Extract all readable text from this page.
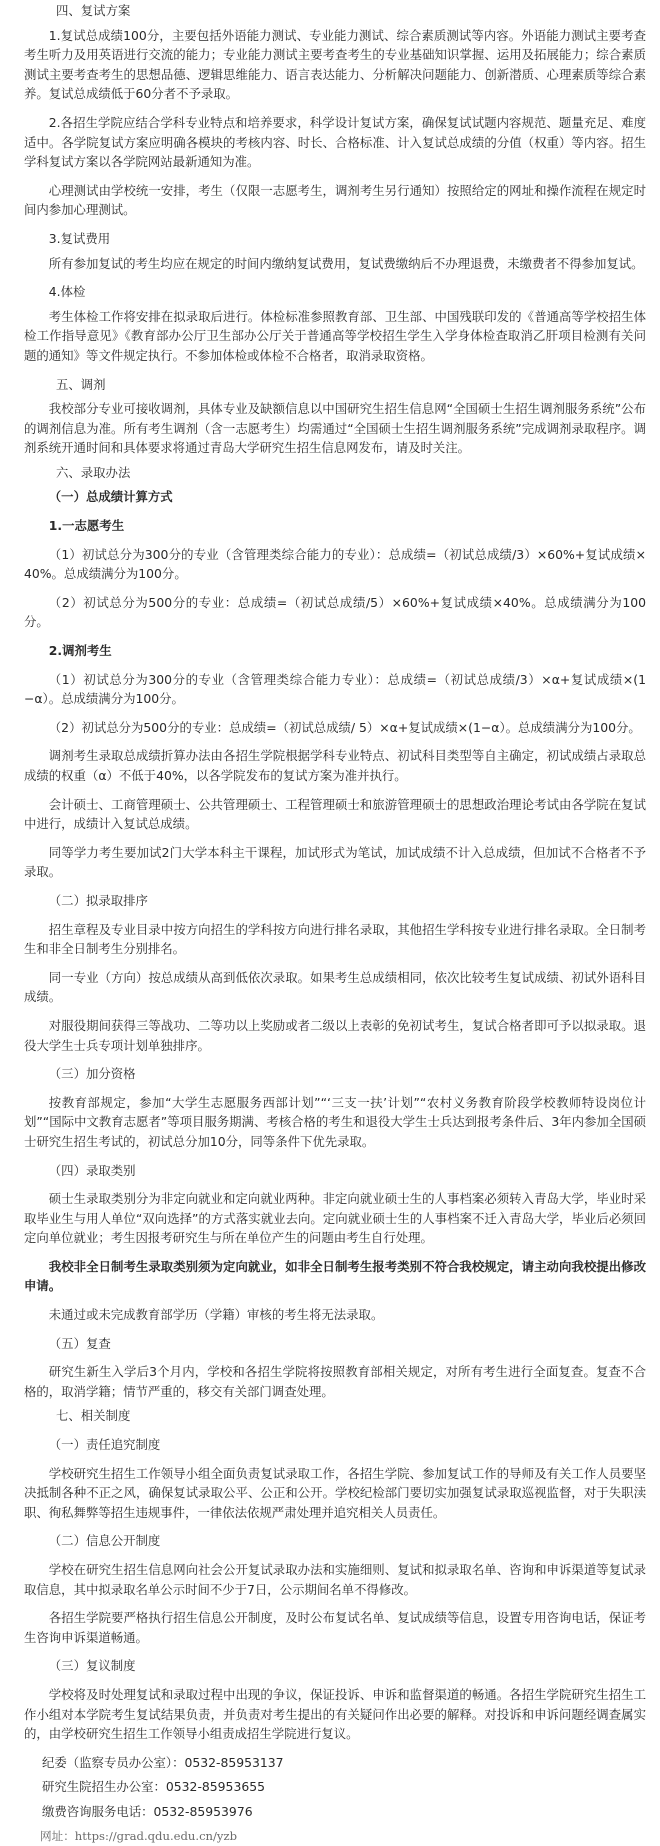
四、复试方案

1.复试总成绩100分，主要包括外语能力测试、专业能力测试、综合素质测试等内容。外语能力测试主要考查考生听力及用英语进行交流的能力；专业能力测试主要考查考生的专业基础知识掌握、运用及拓展能力；综合素质测试主要考查考生的思想品德、逻辑思维能力、语言表达能力、分析解决问题能力、创新潜质、心理素质等综合素养。复试总成绩低于60分者不予录取。

2.各招生学院应结合学科专业特点和培养要求，科学设计复试方案，确保复试试题内容规范、题量充足、难度适中。各学院复试方案应明确各模块的考核内容、时长、合格标准、计入复试总成绩的分值（权重）等内容。招生学科复试方案以各学院网站最新通知为准。

心理测试由学校统一安排，考生（仅限一志愿考生，调剂考生另行通知）按照给定的网址和操作流程在规定时间内参加心理测试。

3.复试费用

所有参加复试的考生均应在规定的时间内缴纳复试费用，复试费缴纳后不办理退费，未缴费者不得参加复试。

4.体检

考生体检工作将安排在拟录取后进行。体检标准参照教育部、卫生部、中国残联印发的《普通高等学校招生体检工作指导意见》《教育部办公厅卫生部办公厅关于普通高等学校招生学生入学身体检查取消乙肝项目检测有关问题的通知》等文件规定执行。不参加体检或体检不合格者，取消录取资格。

五、调剂

我校部分专业可接收调剂，具体专业及缺额信息以中国研究生招生信息网“全国硕士生招生调剂服务系统”公布的调剂信息为准。所有考生调剂（含一志愿考生）均需通过“全国硕士生招生调剂服务系统”完成调剂录取程序。调剂系统开通时间和具体要求将通过青岛大学研究生招生信息网发布，请及时关注。

六、录取办法

（一）总成绩计算方式

1.一志愿考生

（1）初试总分为300分的专业（含管理类综合能力的专业）：总成绩=（初试总成绩/3）×60%+复试成绩×40%。总成绩满分为100分。

（2）初试总分为500分的专业：总成绩=（初试总成绩/5）×60%+复试成绩×40%。总成绩满分为100分。

2.调剂考生

（1）初试总分为300分的专业（含管理类综合能力专业）：总成绩=（初试总成绩/3）×α+复试成绩×(1−α）。总成绩满分为100分。

（2）初试总分为500分的专业：总成绩=（初试总成绩/ 5）×α+复试成绩×(1−α）。总成绩满分为100分。

调剂考生录取总成绩折算办法由各招生学院根据学科专业特点、初试科目类型等自主确定，初试成绩占录取总成绩的权重（α）不低于40%，以各学院发布的复试方案为准并执行。

会计硕士、工商管理硕士、公共管理硕士、工程管理硕士和旅游管理硕士的思想政治理论考试由各学院在复试中进行，成绩计入复试总成绩。

同等学力考生要加试2门大学本科主干课程，加试形式为笔试，加试成绩不计入总成绩，但加试不合格者不予录取。

（二）拟录取排序

招生章程及专业目录中按方向招生的学科按方向进行排名录取，其他招生学科按专业进行排名录取。全日制考生和非全日制考生分别排名。

同一专业（方向）按总成绩从高到低依次录取。如果考生总成绩相同，依次比较考生复试成绩、初试外语科目成绩。

对服役期间获得三等战功、二等功以上奖励或者二级以上表彰的免初试考生，复试合格者即可予以拟录取。退役大学生士兵专项计划单独排序。

（三）加分资格

按教育部规定，参加“大学生志愿服务西部计划”“‘三支一扶’计划”“农村义务教育阶段学校教师特设岗位计划”“国际中文教育志愿者”等项目服务期满、考核合格的考生和退役大学生士兵达到报考条件后、3年内参加全国硕士研究生招生考试的，初试总分加10分，同等条件下优先录取。

（四）录取类别

硕士生录取类别分为非定向就业和定向就业两种。非定向就业硕士生的人事档案必须转入青岛大学，毕业时采取毕业生与用人单位“双向选择”的方式落实就业去向。定向就业硕士生的人事档案不迁入青岛大学，毕业后必须回定向单位就业；考生因报考研究生与所在单位产生的问题由考生自行处理。

我校非全日制考生录取类别须为定向就业，如非全日制考生报考类别不符合我校规定，请主动向我校提出修改申请。

未通过或未完成教育部学历（学籍）审核的考生将无法录取。

（五）复查

研究生新生入学后3个月内，学校和各招生学院将按照教育部相关规定，对所有考生进行全面复查。复查不合格的，取消学籍；情节严重的，移交有关部门调查处理。

七、相关制度

（一）责任追究制度

学校研究生招生工作领导小组全面负责复试录取工作，各招生学院、参加复试工作的导师及有关工作人员要坚决抵制各种不正之风，确保复试录取公平、公正和公开。学校纪检部门要切实加强复试录取巡视监督，对于失职渎职、徇私舞弊等招生违规事件，一律依法依规严肃处理并追究相关人员责任。

（二）信息公开制度

学校在研究生招生信息网向社会公开复试录取办法和实施细则、复试和拟录取名单、咨询和申诉渠道等复试录取信息，其中拟录取名单公示时间不少于7日，公示期间名单不得修改。

各招生学院要严格执行招生信息公开制度，及时公布复试名单、复试成绩等信息，设置专用咨询电话，保证考生咨询申诉渠道畅通。

（三）复议制度

学校将及时处理复试和录取过程中出现的争议，保证投诉、申诉和监督渠道的畅通。各招生学院研究生招生工作小组对本学院考生复试结果负责，并负责对考生提出的有关疑问作出必要的解释。对投诉和申诉问题经调查属实的，由学校研究生招生工作领导小组责成招生学院进行复议。

纪委（监察专员办公室）：0532-85953137

研究生院招生办公室：0532-85953655

缴费咨询服务电话：0532-85953976

网址：https://grad.qdu.edu.cn/yzb
